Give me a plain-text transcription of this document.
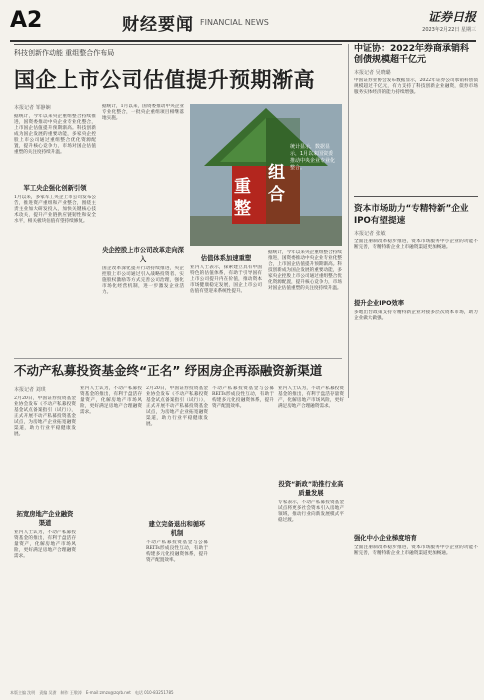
A2	财经要闻 FINANCIAL NEWS	证券日报
2023年2月22日 星期三
科技创新作动能 重组整合作布局
国企上市公司估值提升预期渐高
本报记者 邹静娴
据统计，今年以来央企重组整合持续推进，国资委推动中央企业专业化整合，上市国企估值提升预期渐高。科技创新成为国企发展的重要动能，多家央企控股上市公司通过重组整合优化资源配置，提升核心竞争力，市场对国企估值重塑的关注度持续升温。
军工央企强化创新引领
1月以来，多家军工央企上市公司发布公告，推进资产重组和产业整合，围绕主责主业加大研发投入，加快关键核心技术攻关，提升产业链供应链韧性和安全水平，相关板块估值有望持续修复。
据统计，1月以来，国资委推动中央企业专业化整合，一批央企重组项目相继落地实施。
央企控股上市公司改革走向深入
国企改革深化提升行动持续推进，央企控股上市公司通过引入战略投资者、实施股权激励等方式完善公司治理，强化市场化经营机制，进一步激发企业活力。
重
组
整
合
统计显示，数据显示，1月以来国资委推动中央企业专业化整合。
估值体系加速重塑
业内人士表示，探索建立具有中国特色的估值体系，有助于引导国有上市公司提升内在价值，推动资本市场健康稳定发展，国企上市公司估值有望迎来系统性提升。
据统计，今年以来央企重组整合持续推进，国资委推动中央企业专业化整合，上市国企估值提升预期渐高。科技创新成为国企发展的重要动能，多家央企控股上市公司通过重组整合优化资源配置，提升核心竞争力，市场对国企估值重塑的关注度持续升温。
中证协：2022年券商承销科创债规模超千亿元
本报记者 吴晓璐
中国证券业协会发布数据显示，2022年证券公司承销科创债规模超过千亿元，有力支持了科技创新企业融资，债券市场服务实体经济的能力持续增强。
资本市场助力“专精特新”企业IPO有望提速
本报记者 张敏
全面注册制改革稳步推进，资本市场服务中小企业的功能不断完善，专精特新企业上市融资渠道更加畅通。
提升企业IPO效率
多地出台政策支持专精特新企业对接多层次资本市场，助力企业做大做强。
强化中小企业梯度培育
全面注册制改革稳步推进，资本市场服务中小企业的功能不断完善，专精特新企业上市融资渠道更加畅通。
不动产私募投资基金终“正名” 纾困房企再添融资新渠道
本报记者 刘琪
2月20日，中国证券投资基金业协会发布《不动产私募投资基金试点备案指引（试行）》，正式开展不动产私募投资基金试点，为房地产企业拓宽融资渠道，助力行业平稳健康发展。
拓宽房地产企业融资渠道
业内人士认为，不动产私募投资基金的推出，有利于盘活存量资产，化解房地产市场风险，更好满足房地产合理融资需求。
业内人士认为，不动产私募投资基金的推出，有利于盘活存量资产，化解房地产市场风险，更好满足房地产合理融资需求。
2月20日，中国证券投资基金业协会发布《不动产私募投资基金试点备案指引（试行）》，正式开展不动产私募投资基金试点，为房地产企业拓宽融资渠道，助力行业平稳健康发展。
建立完备退出和循环机制
不动产私募投资基金与公募REITs形成良性互动，有助于构建多元化投融资体系，提升资产配置效率。
不动产私募投资基金与公募REITs形成良性互动，有助于构建多元化投融资体系，提升资产配置效率。
业内人士认为，不动产私募投资基金的推出，有利于盘活存量资产，化解房地产市场风险，更好满足房地产合理融资需求。
投资“新政”助推行业高质量发展
专家表示，不动产私募投资基金试点将更多社会资本引入房地产领域，推动行业向新发展模式平稳过渡。
本版主编 沈明　责编 吴澍　制作 王敬涛　E-mail:zmzx@zqrb.net　电话 010-83251785
